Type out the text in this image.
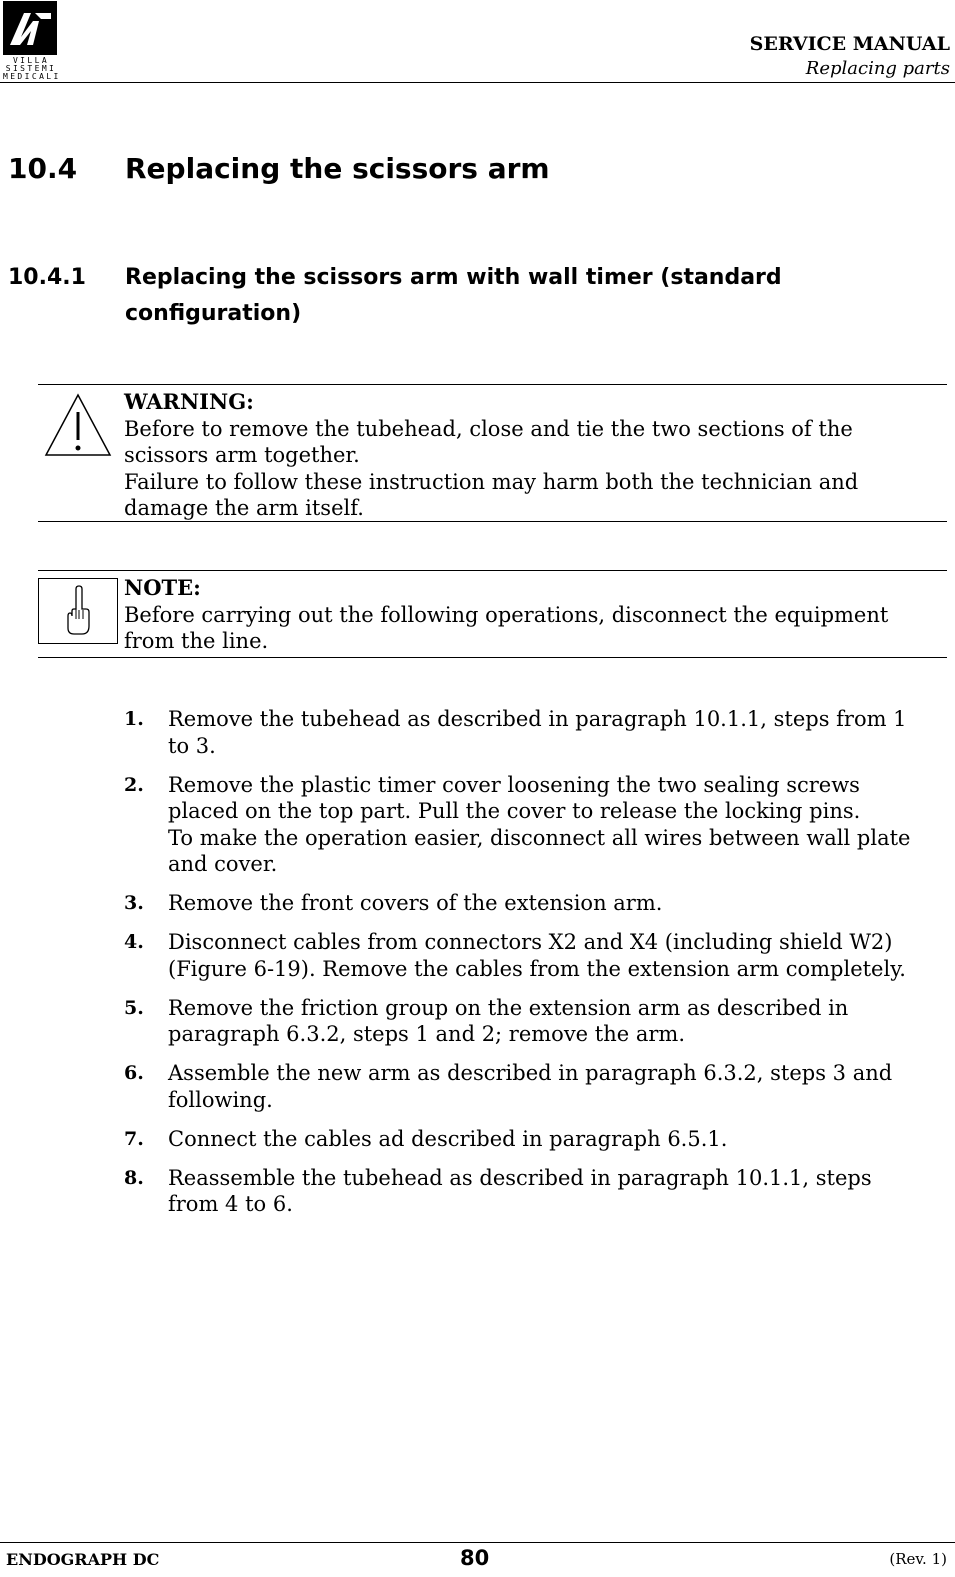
VILLA
SISTEMI
MEDICALI
SERVICE MANUAL
Replacing parts
10.4 Replacing the scissors arm
10.4.1 Replacing the scissors arm with wall timer (standard configuration)
WARNING:
Before to remove the tubehead, close and tie the two sections of the
scissors arm together.
Failure to follow these instruction may harm both the technician and
damage the arm itself.
NOTE:
Before carrying out the following operations, disconnect the equipment
from the line.
1. Remove the tubehead as described in paragraph 10.1.1, steps from 1
to 3.
2. Remove the plastic timer cover loosening the two sealing screws
placed on the top part. Pull the cover to release the locking pins.
To make the operation easier, disconnect all wires between wall plate
and cover.
3. Remove the front covers of the extension arm.
4. Disconnect cables from connectors X2 and X4 (including shield W2)
(Figure 6-19). Remove the cables from the extension arm completely.
5. Remove the friction group on the extension arm as described in
paragraph 6.3.2, steps 1 and 2; remove the arm.
6. Assemble the new arm as described in paragraph 6.3.2, steps 3 and
following.
7. Connect the cables ad described in paragraph 6.5.1.
8. Reassemble the tubehead as described in paragraph 10.1.1, steps
from 4 to 6.
ENDOGRAPH DC	80	(Rev. 1)
